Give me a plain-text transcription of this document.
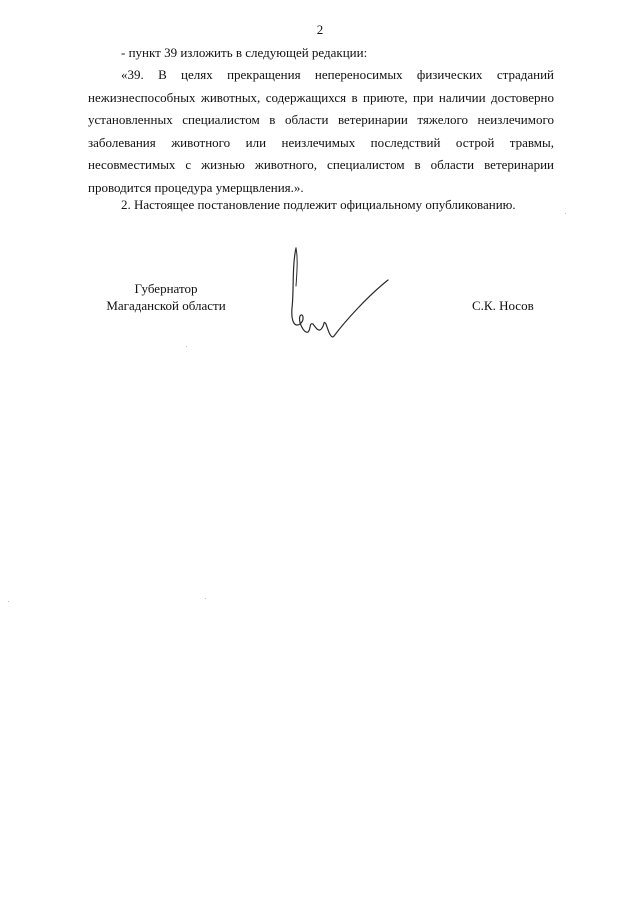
2
- пункт 39 изложить в следующей редакции:
«39. В целях прекращения непереносимых физических страданий нежизнеспособных животных, содержащихся в приюте, при наличии достоверно установленных специалистом в области ветеринарии тяжелого неизлечимого заболевания животного или неизлечимых последствий острой травмы, несовместимых с жизнью животного, специалистом в области ветеринарии проводится процедура умерщвления.».
2. Настоящее постановление подлежит официальному опубликованию.
Губернатор
Магаданской области	С.К. Носов
